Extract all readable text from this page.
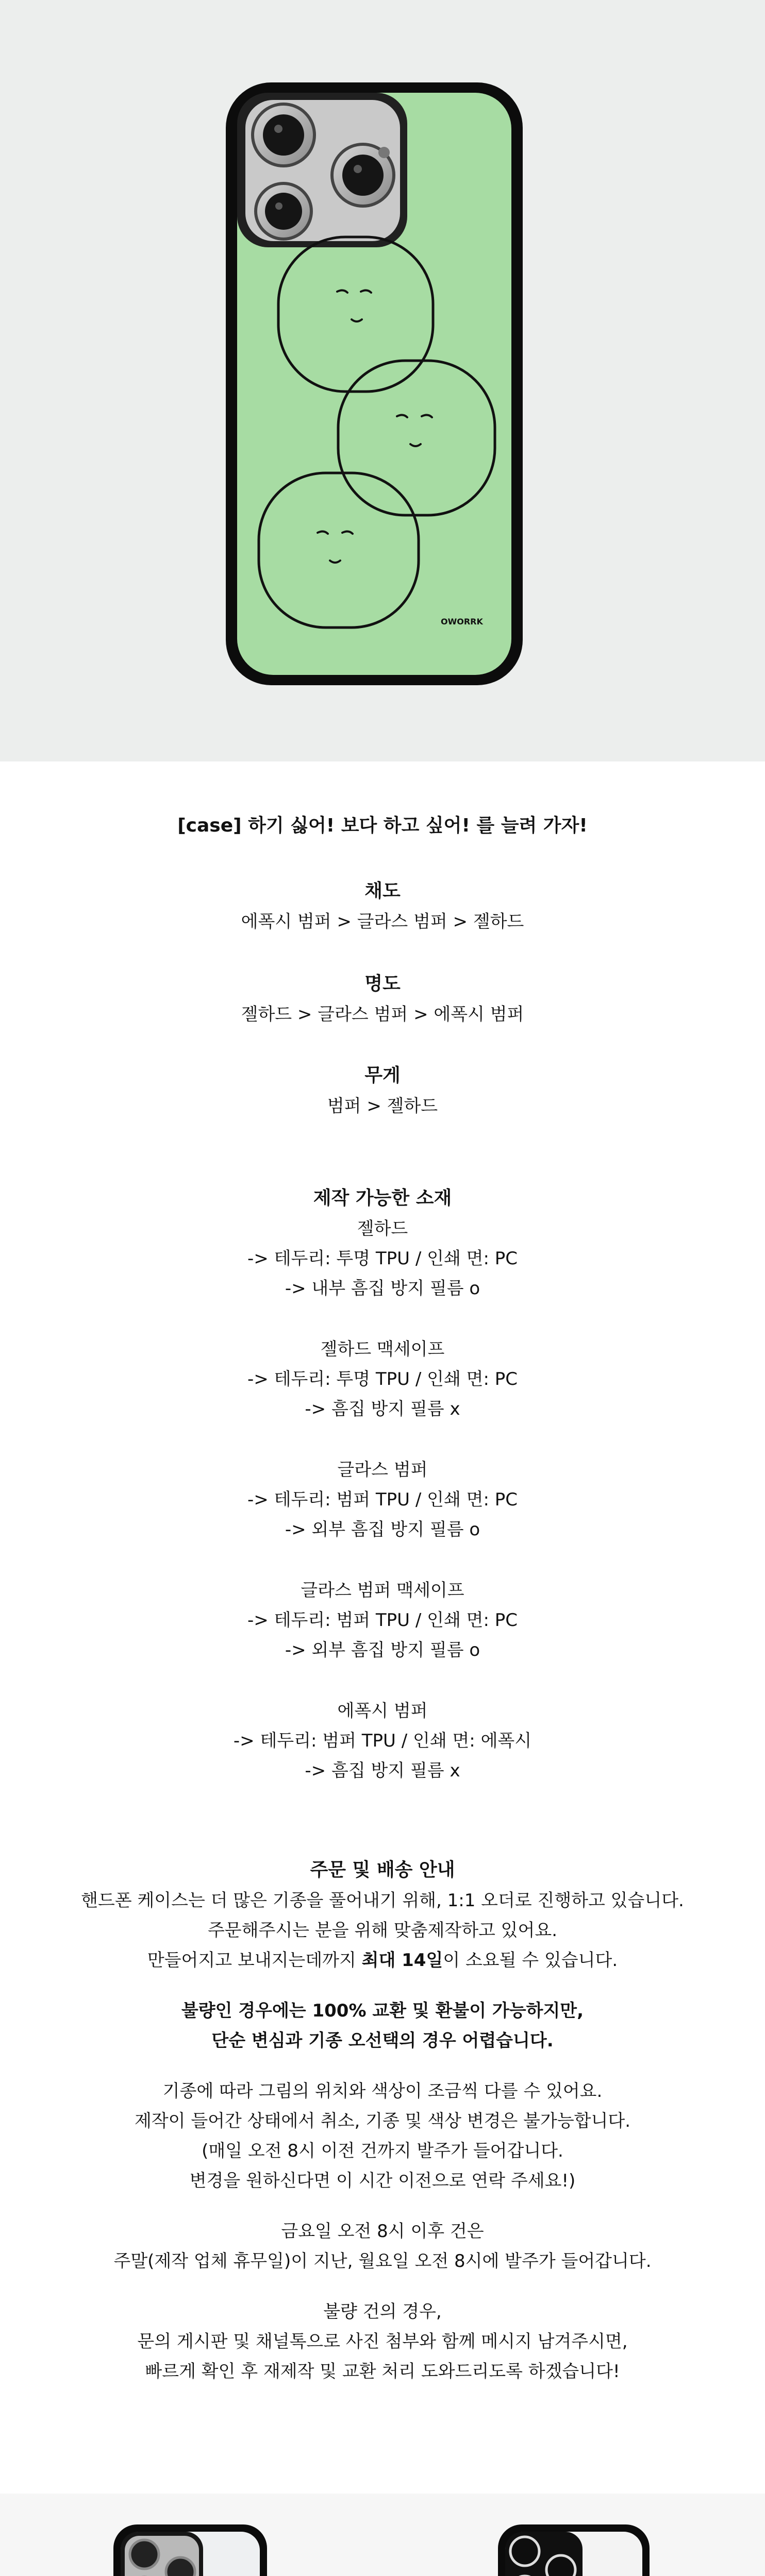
OWORRK
[case] 하기 싫어! 보다 하고 싶어! 를 늘려 가자!
채도
에폭시 범퍼 > 글라스 범퍼 > 젤하드
명도
젤하드 > 글라스 범퍼 > 에폭시 범퍼
무게
범퍼 > 젤하드
제작 가능한 소재
젤하드
-> 테두리: 투명 TPU / 인쇄 면: PC
-> 내부 흠집 방지 필름 o
젤하드 맥세이프
-> 테두리: 투명 TPU / 인쇄 면: PC
-> 흠집 방지 필름 x
글라스 범퍼
-> 테두리: 범퍼 TPU / 인쇄 면: PC
-> 외부 흠집 방지 필름 o
글라스 범퍼 맥세이프
-> 테두리: 범퍼 TPU / 인쇄 면: PC
-> 외부 흠집 방지 필름 o
에폭시 범퍼
-> 테두리: 범퍼 TPU / 인쇄 면: 에폭시
-> 흠집 방지 필름 x
주문 및 배송 안내
핸드폰 케이스는 더 많은 기종을 풀어내기 위해, 1:1 오더로 진행하고 있습니다.
주문해주시는 분을 위해 맞춤제작하고 있어요.
만들어지고 보내지는데까지 최대 14일이 소요될 수 있습니다.
불량인 경우에는 100% 교환 및 환불이 가능하지만,
단순 변심과 기종 오선택의 경우 어렵습니다.
기종에 따라 그림의 위치와 색상이 조금씩 다를 수 있어요.
제작이 들어간 상태에서 취소, 기종 및 색상 변경은 불가능합니다.
(매일 오전 8시 이전 건까지 발주가 들어갑니다.
변경을 원하신다면 이 시간 이전으로 연락 주세요!)
금요일 오전 8시 이후 건은
주말(제작 업체 휴무일)이 지난, 월요일 오전 8시에 발주가 들어갑니다.
불량 건의 경우,
문의 게시판 및 채널톡으로 사진 첨부와 함께 메시지 남겨주시면,
빠르게 확인 후 재제작 및 교환 처리 도와드리도록 하겠습니다!
